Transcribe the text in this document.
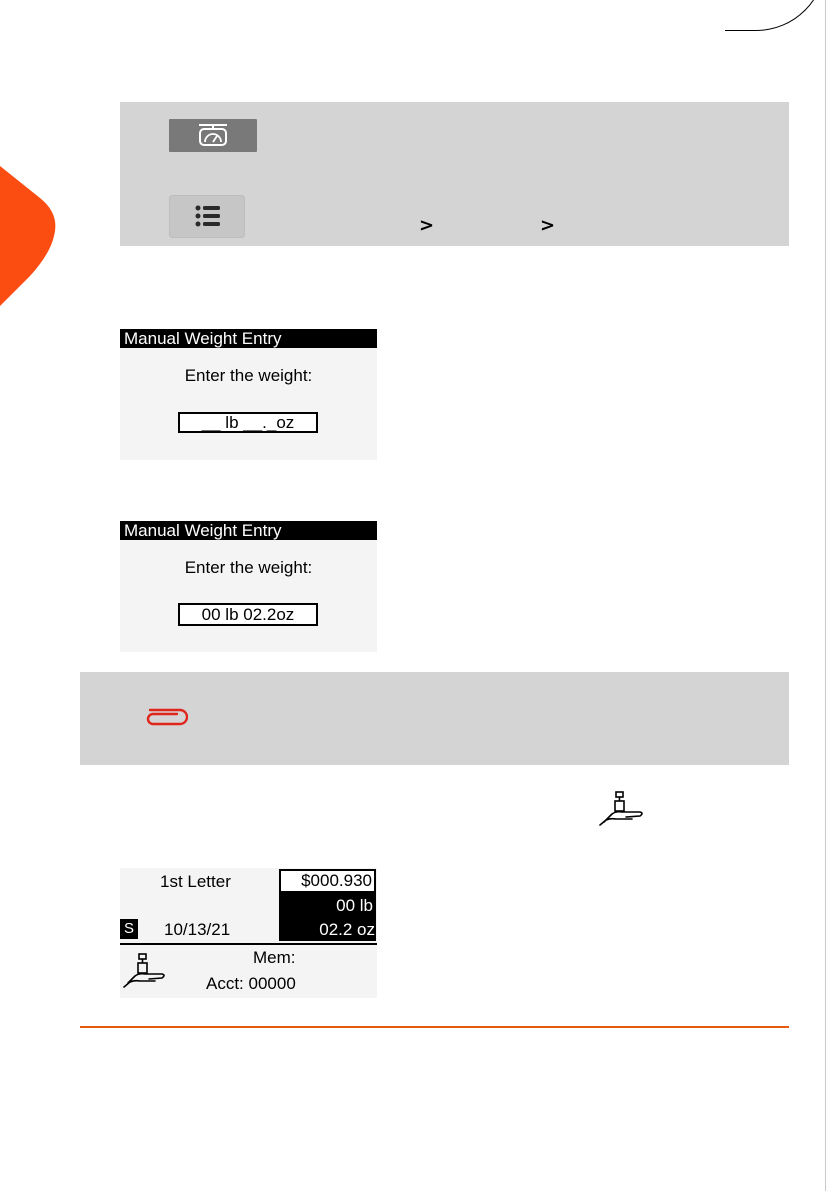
>	>
Manual Weight Entry
Enter the weight:
__ lb __._oz
Manual Weight Entry
Enter the weight:
00 lb 02.2oz
1st Letter	$000.930
00 lb
02.2 oz
S 10/13/21
Mem:
Acct: 00000
